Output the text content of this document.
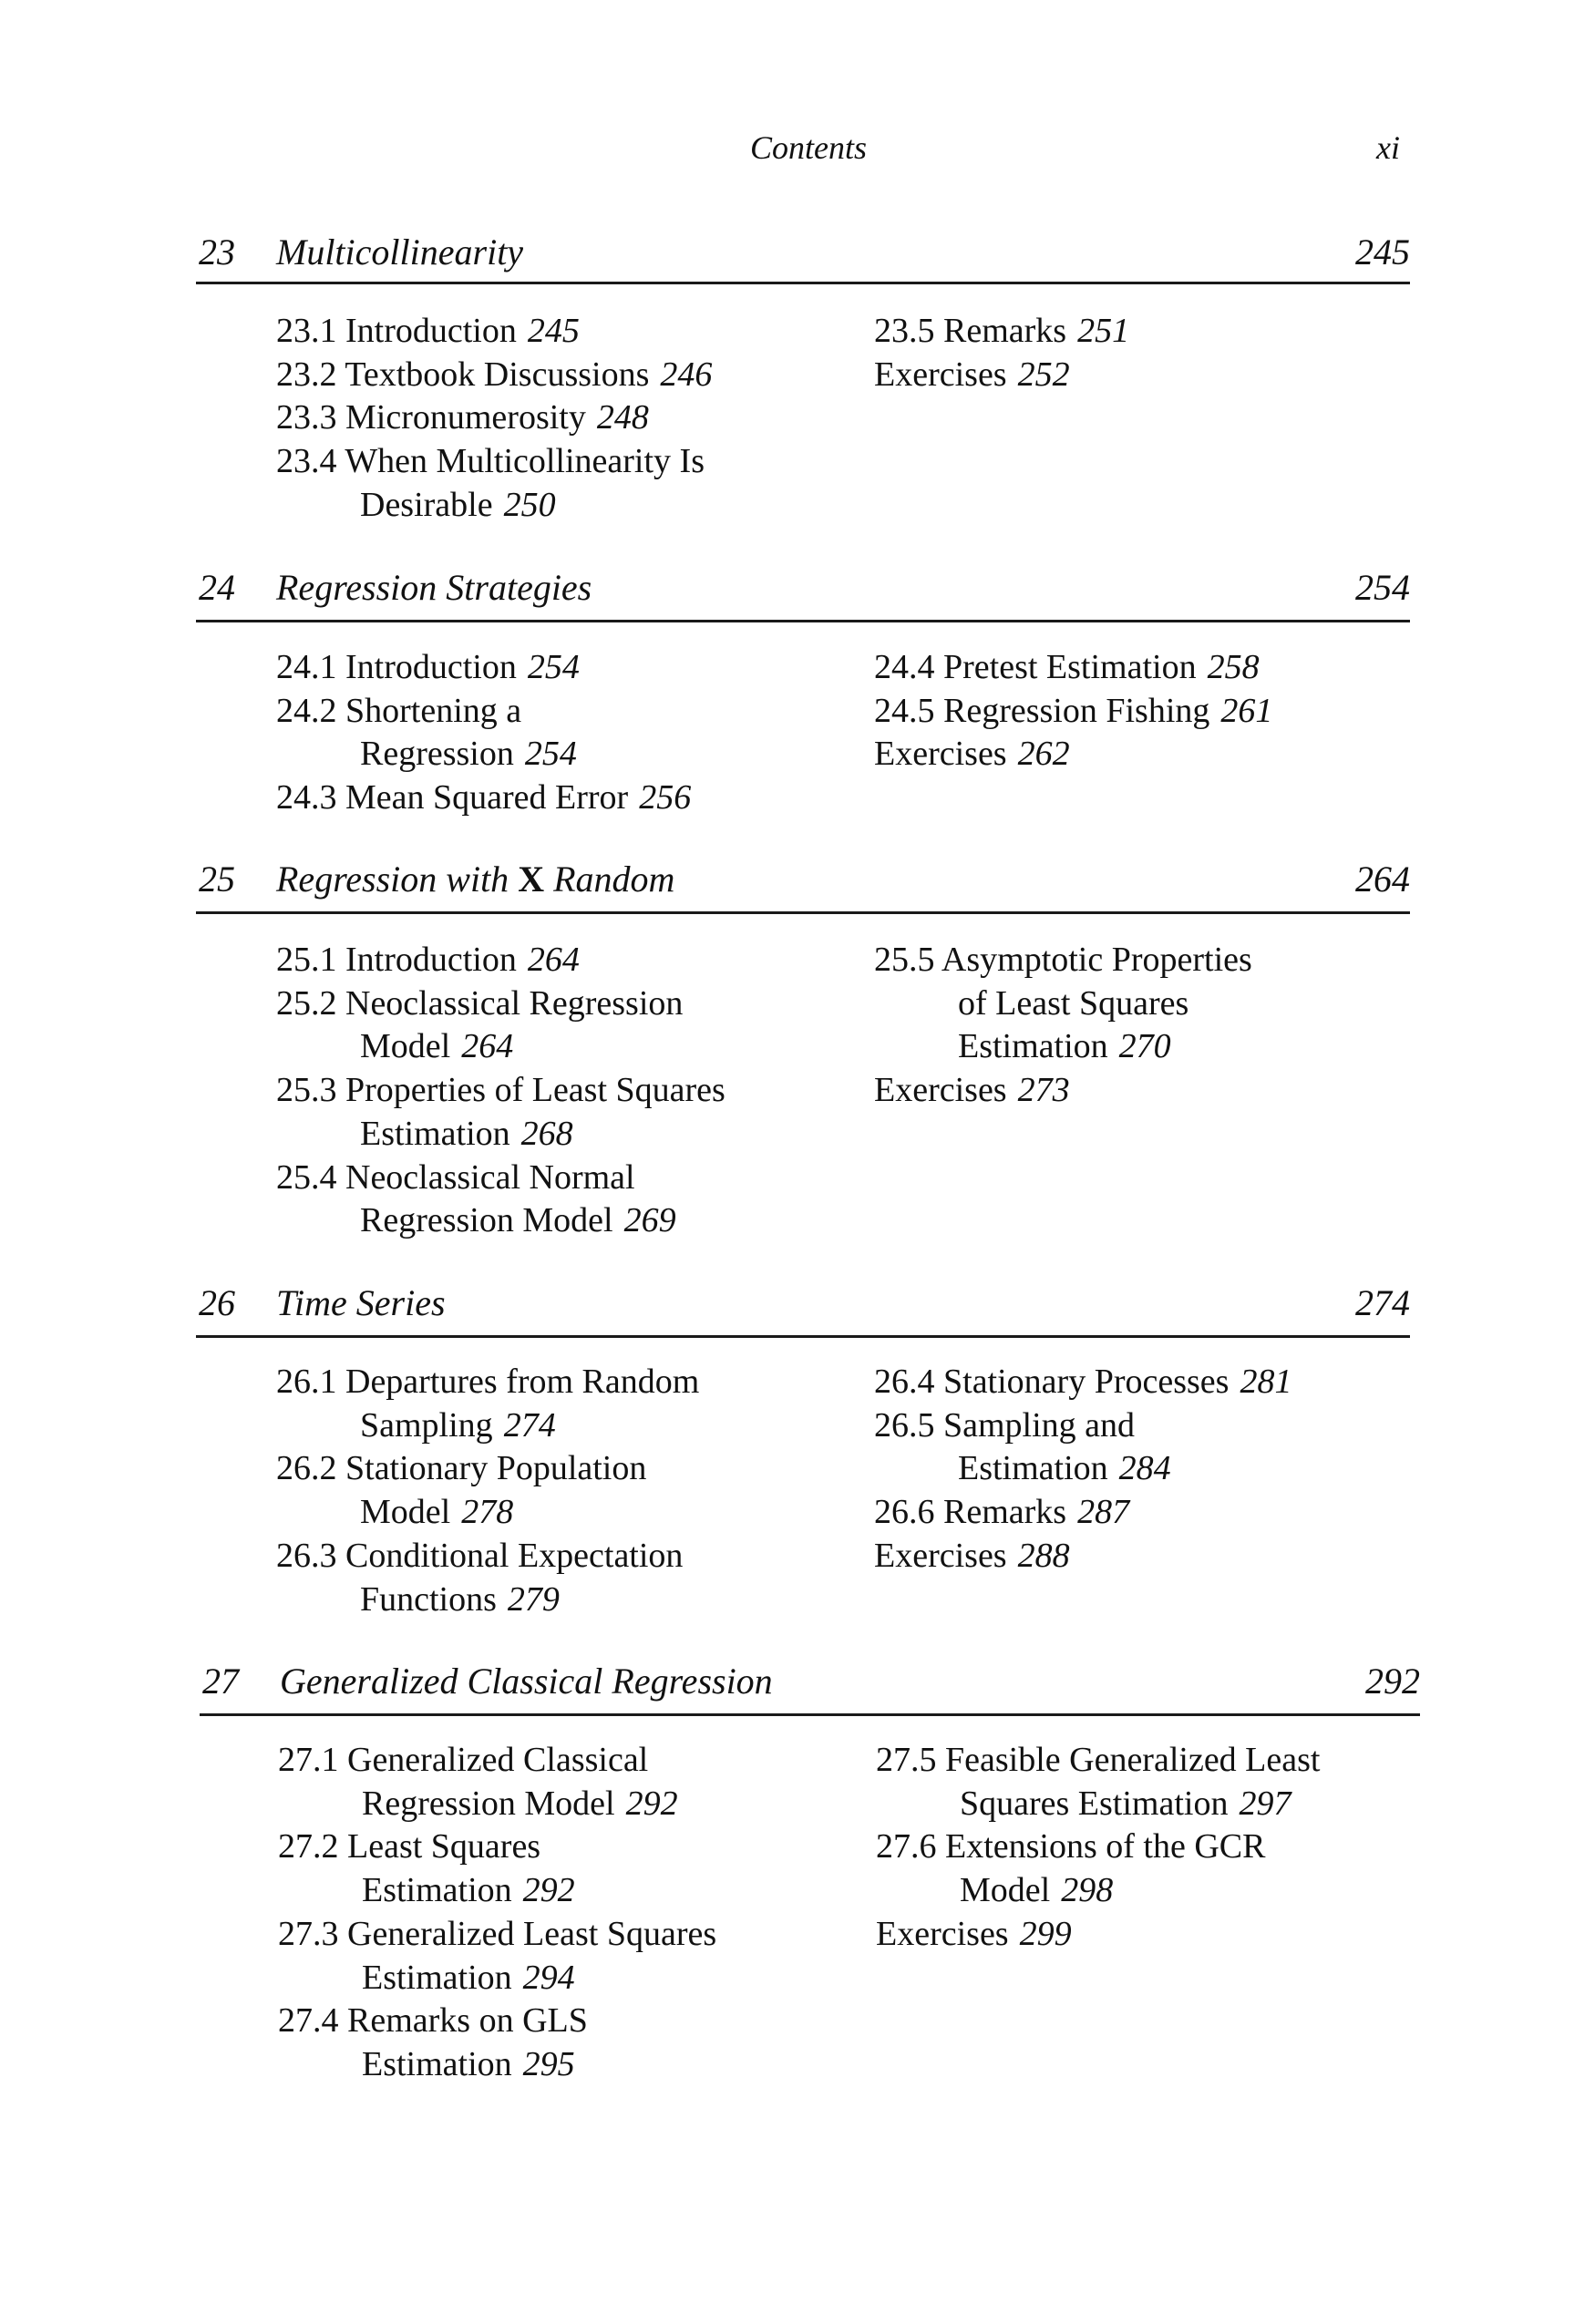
Contents	xi
23 Multicollinearity	245
23.1 Introduction 245
23.2 Textbook Discussions 246
23.3 Micronumerosity 248
23.4 When Multicollinearity Is
Desirable 250
23.5 Remarks 251
Exercises 252
24 Regression Strategies	254
24.1 Introduction 254
24.2 Shortening a
Regression 254
24.3 Mean Squared Error 256
24.4 Pretest Estimation 258
24.5 Regression Fishing 261
Exercises 262
25 Regression with X Random	264
25.1 Introduction 264
25.2 Neoclassical Regression
Model 264
25.3 Properties of Least Squares
Estimation 268
25.4 Neoclassical Normal
Regression Model 269
25.5 Asymptotic Properties
of Least Squares
Estimation 270
Exercises 273
26 Time Series	274
26.1 Departures from Random
Sampling 274
26.2 Stationary Population
Model 278
26.3 Conditional Expectation
Functions 279
26.4 Stationary Processes 281
26.5 Sampling and
Estimation 284
26.6 Remarks 287
Exercises 288
27 Generalized Classical Regression	292
27.1 Generalized Classical
Regression Model 292
27.2 Least Squares
Estimation 292
27.3 Generalized Least Squares
Estimation 294
27.4 Remarks on GLS
Estimation 295
27.5 Feasible Generalized Least
Squares Estimation 297
27.6 Extensions of the GCR
Model 298
Exercises 299
